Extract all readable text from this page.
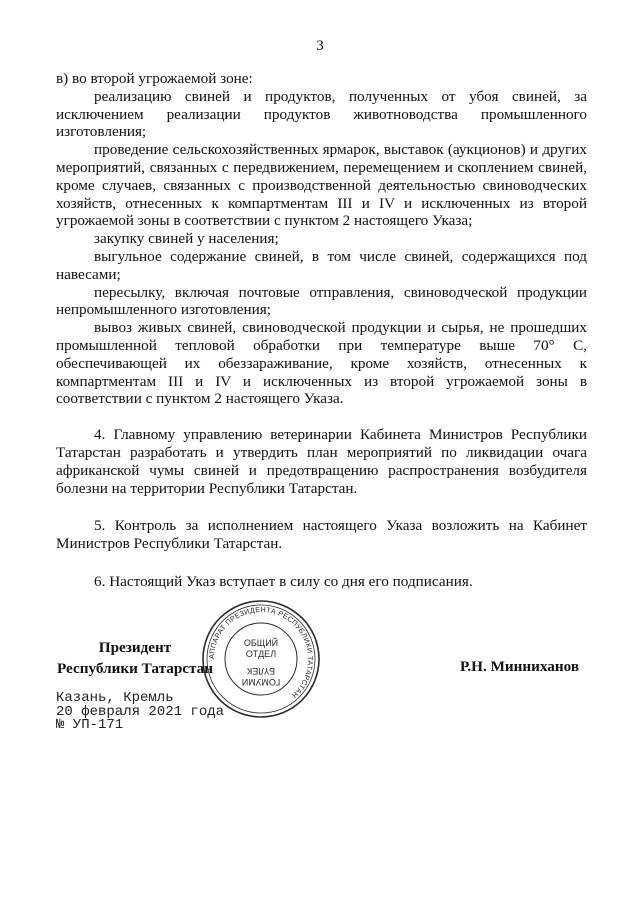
3

в) во второй угрожаемой зоне:

реализацию свиней и продуктов, полученных от убоя свиней, за исключением реализации продуктов животноводства промышленного изготовления;

проведение сельскохозяйственных ярмарок, выставок (аукционов) и других мероприятий, связанных с передвижением, перемещением и скоплением свиней, кроме случаев, связанных с производственной деятельностью свиноводческих хозяйств, отнесенных к компартментам III и IV и исключенных из второй угрожаемой зоны в соответствии с пунктом 2 настоящего Указа;

закупку свиней у населения;

выгульное содержание свиней, в том числе свиней, содержащихся под навесами;

пересылку, включая почтовые отправления, свиноводческой продукции непромышленного изготовления;

вывоз живых свиней, свиноводческой продукции и сырья, не прошедших промышленной тепловой обработки при температуре выше 70° С, обеспечивающей их обеззараживание, кроме хозяйств, отнесенных к компартментам III и IV и исключенных из второй угрожаемой зоны в соответствии с пунктом 2 настоящего Указа.

4. Главному управлению ветеринарии Кабинета Министров Республики Татарстан разработать и утвердить план мероприятий по ликвидации очага африканской чумы свиней и предотвращению распространения возбудителя болезни на территории Республики Татарстан.

5. Контроль за исполнением настоящего Указа возложить на Кабинет Министров Республики Татарстан.

6. Настоящий Указ вступает в силу со дня его подписания.

Президент
Республики Татарстан	Р.Н. Минниханов
АППАРАТ ПРЕЗИДЕНТА РЕСПУБЛИКИ ТАТАРСТАН
ОБЩИЙ
ОТДЕЛ
ГОМУМИ
БҮЛЕК
Казань, Кремль
20 февраля 2021 года
№ УП-171
